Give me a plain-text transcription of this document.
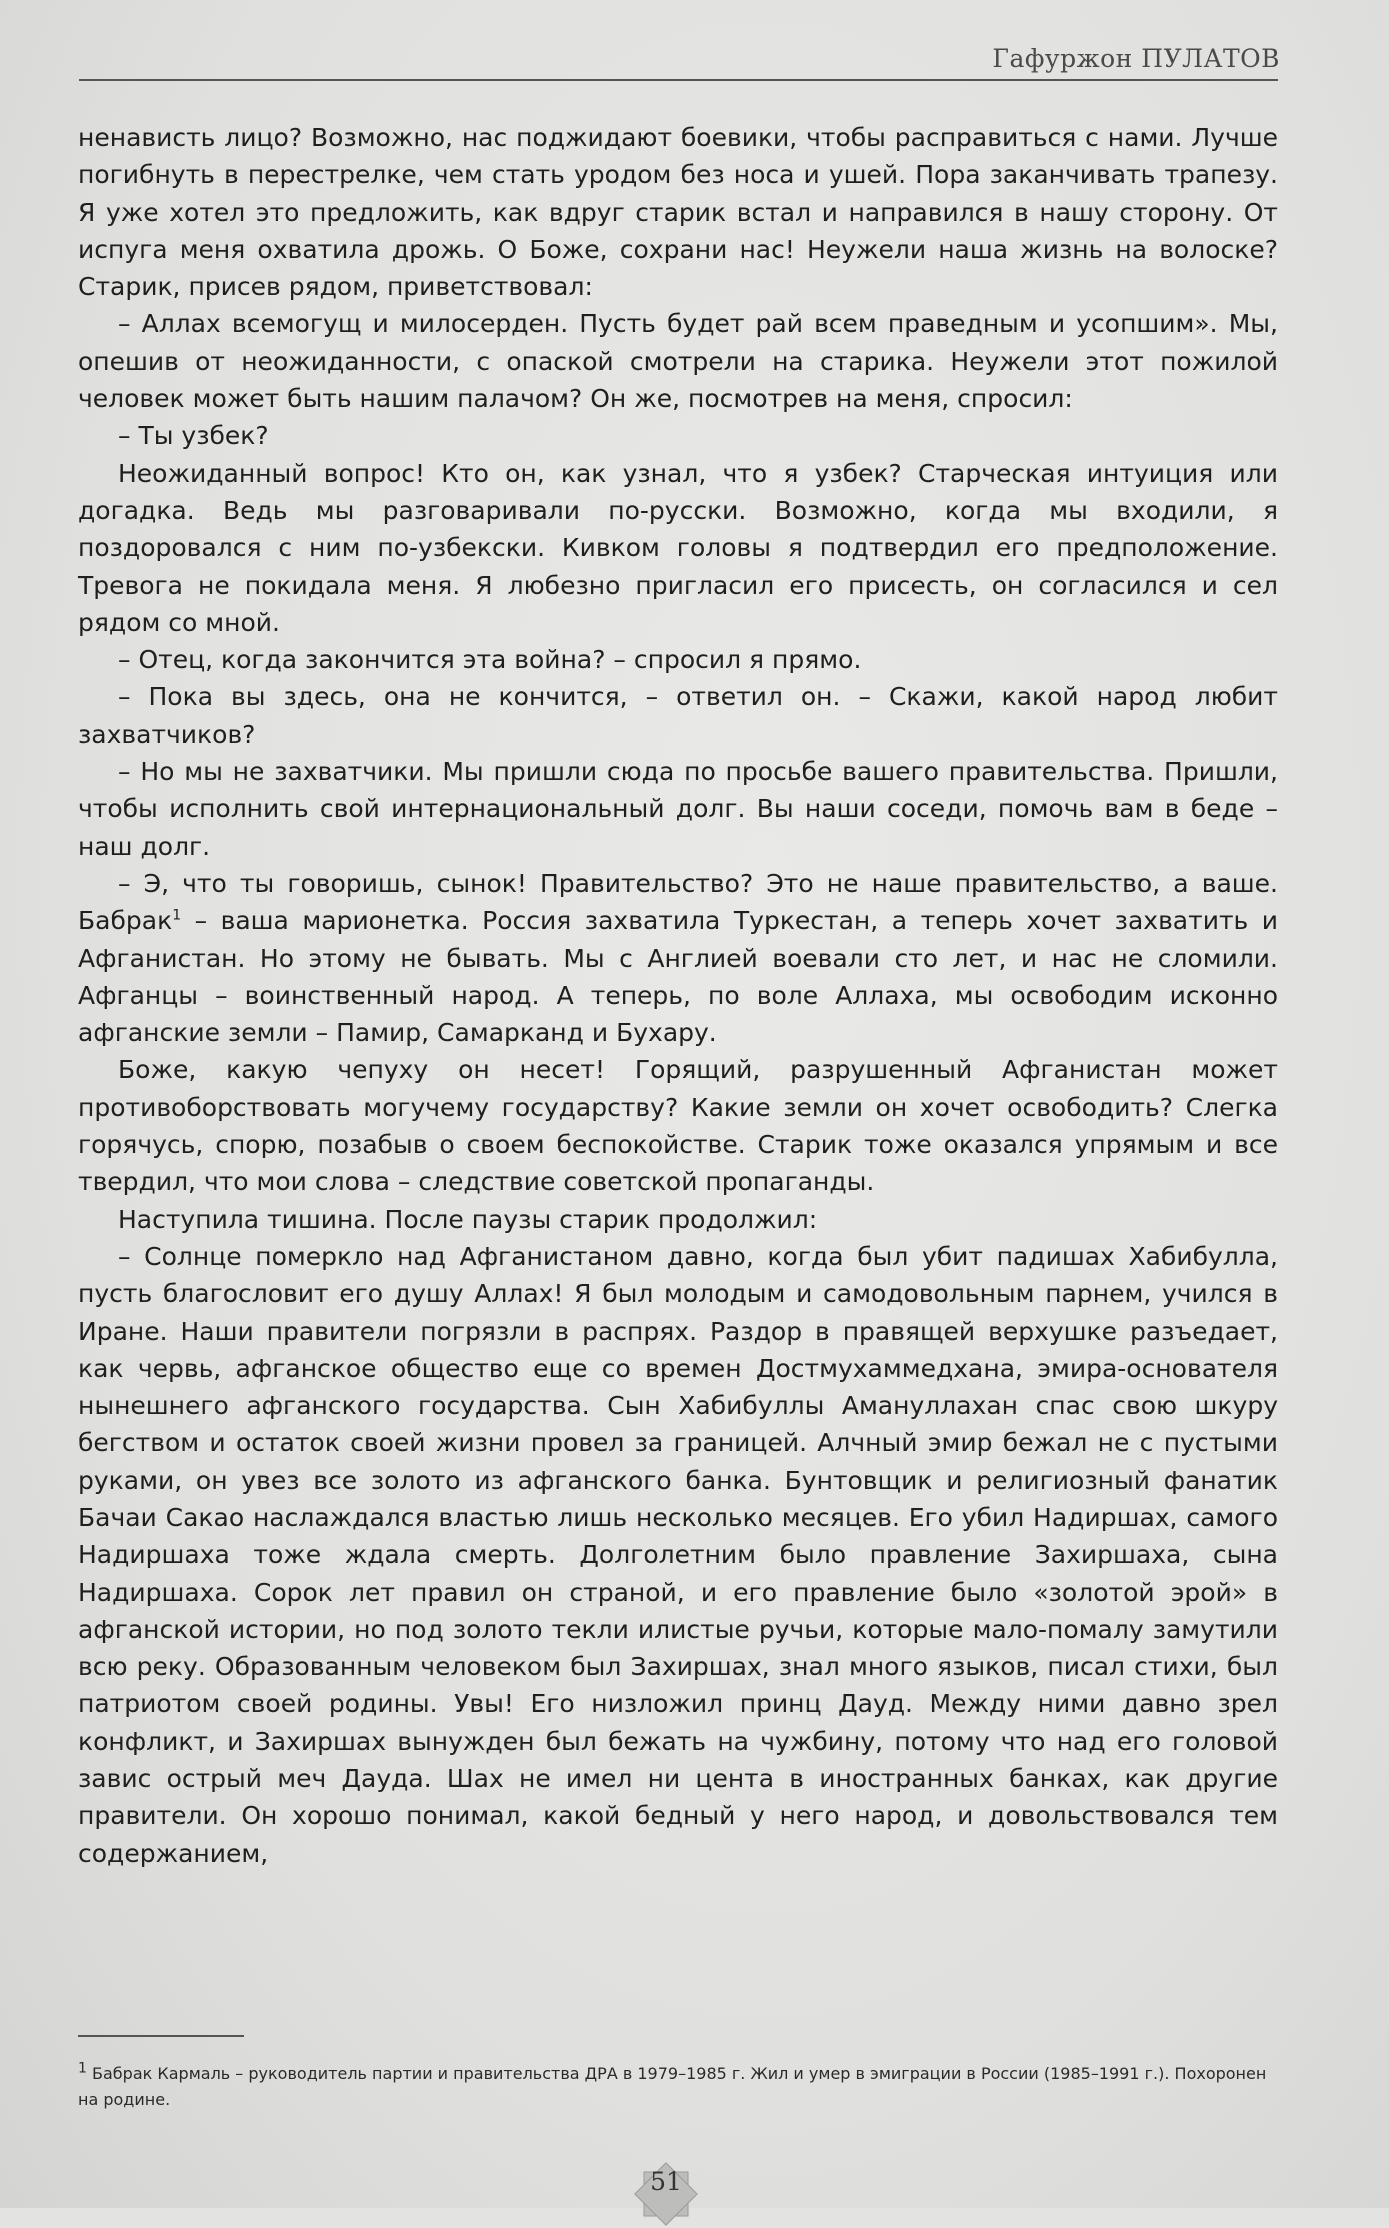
Гафуржон ПУЛАТОВ

ненависть лицо? Возможно, нас поджидают боевики, чтобы расправиться с нами. Лучше погибнуть в перестрелке, чем стать уродом без носа и ушей. Пора заканчивать трапезу. Я уже хотел это предложить, как вдруг старик встал и направился в нашу сторону. От испуга меня охватила дрожь. О Боже, сохрани нас! Неужели наша жизнь на волоске? Старик, присев рядом, приветствовал:

– Аллах всемогущ и милосерден. Пусть будет рай всем праведным и усопшим». Мы, опешив от неожиданности, с опаской смотрели на старика. Неужели этот пожилой человек может быть нашим палачом? Он же, посмотрев на меня, спросил:

– Ты узбек?

Неожиданный вопрос! Кто он, как узнал, что я узбек? Старческая интуиция или догадка. Ведь мы разговаривали по-русски. Возможно, когда мы входили, я поздоровался с ним по-узбекски. Кивком головы я подтвердил его предположение. Тревога не покидала меня. Я любезно пригласил его присесть, он согласился и сел рядом со мной.

– Отец, когда закончится эта война? – спросил я прямо.

– Пока вы здесь, она не кончится, – ответил он. – Скажи, какой народ любит захватчиков?

– Но мы не захватчики. Мы пришли сюда по просьбе вашего правительства. Пришли, чтобы исполнить свой интернациональный долг. Вы наши соседи, помочь вам в беде – наш долг.

– Э, что ты говоришь, сынок! Правительство? Это не наше правительство, а ваше. Бабрак$^1$ – ваша марионетка. Россия захватила Туркестан, а теперь хочет захватить и Афганистан. Но этому не бывать. Мы с Англией воевали сто лет, и нас не сломили. Афганцы – воинственный народ. А теперь, по воле Аллаха, мы освободим исконно афганские земли – Памир, Самарканд и Бухару.

Боже, какую чепуху он несет! Горящий, разрушенный Афганистан может противоборствовать могучему государству? Какие земли он хочет освободить? Слегка горячусь, спорю, позабыв о своем беспокойстве. Старик тоже оказался упрямым и все твердил, что мои слова – следствие советской пропаганды.

Наступила тишина. После паузы старик продолжил:

– Солнце померкло над Афганистаном давно, когда был убит падишах Хабибулла, пусть благословит его душу Аллах! Я был молодым и самодовольным парнем, учился в Иране. Наши правители погрязли в распрях. Раздор в правящей верхушке разъедает, как червь, афганское общество еще со времен Достмухаммедхана, эмира-основателя нынешнего афганского государства. Сын Хабибуллы Амануллахан спас свою шкуру бегством и остаток своей жизни провел за границей. Алчный эмир бежал не с пустыми руками, он увез все золото из афганского банка. Бунтовщик и религиозный фанатик Бачаи Сакао наслаждался властью лишь несколько месяцев. Его убил Надиршах, самого Надиршаха тоже ждала смерть. Долголетним было правление Захиршаха, сына Надиршаха. Сорок лет правил он страной, и его правление было «золотой эрой» в афганской истории, но под золото текли илистые ручьи, которые мало-помалу замутили всю реку. Образованным человеком был Захиршах, знал много языков, писал стихи, был патриотом своей родины. Увы! Его низложил принц Дауд. Между ними давно зрел конфликт, и Захиршах вынужден был бежать на чужбину, потому что над его головой завис острый меч Дауда. Шах не имел ни цента в иностранных банках, как другие правители. Он хорошо понимал, какой бедный у него народ, и довольствовался тем содержанием,

$^1$ Бабрак Кармаль – руководитель партии и правительства ДРА в 1979–1985 г. Жил и умер в эмиграции в России (1985–1991 г.). Похоронен на родине.
51
